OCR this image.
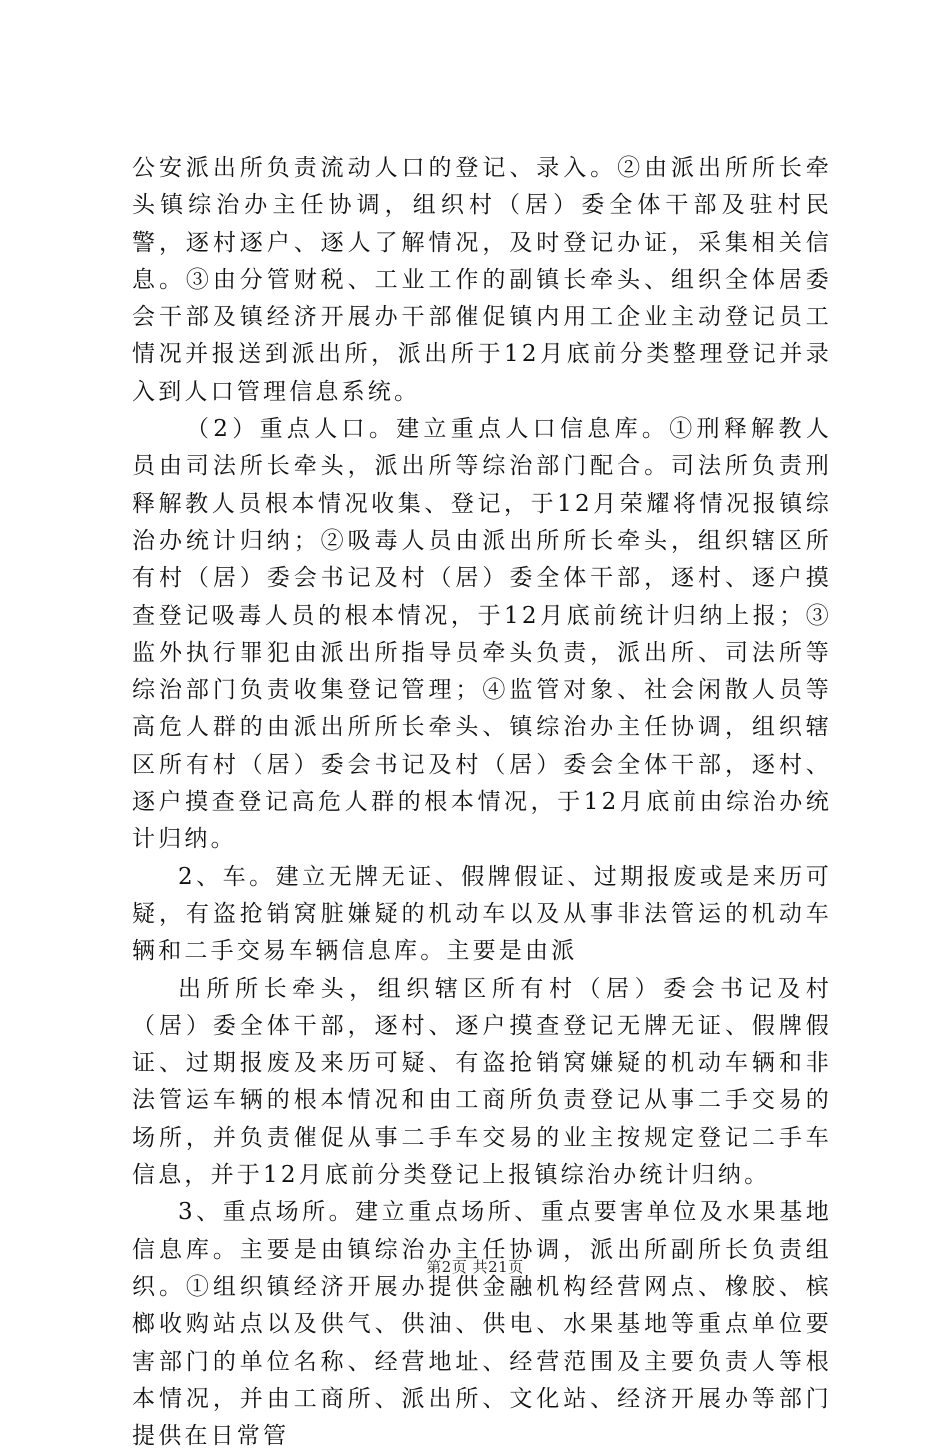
公安派出所负责流动人口的登记、录入。②由派出所所长牵头镇综治办主任协调，组织村（居）委全体干部及驻村民警，逐村逐户、逐人了解情况，及时登记办证，采集相关信息。③由分管财税、工业工作的副镇长牵头、组织全体居委会干部及镇经济开展办干部催促镇内用工企业主动登记员工情况并报送到派出所，派出所于12月底前分类整理登记并录入到人口管理信息系统。

（2）重点人口。建立重点人口信息库。①刑释解教人员由司法所长牵头，派出所等综治部门配合。司法所负责刑释解教人员根本情况收集、登记，于12月荣耀将情况报镇综治办统计归纳；②吸毒人员由派出所所长牵头，组织辖区所有村（居）委会书记及村（居）委全体干部，逐村、逐户摸查登记吸毒人员的根本情况，于12月底前统计归纳上报；③监外执行罪犯由派出所指导员牵头负责，派出所、司法所等综治部门负责收集登记管理；④监管对象、社会闲散人员等高危人群的由派出所所长牵头、镇综治办主任协调，组织辖区所有村（居）委会书记及村（居）委会全体干部，逐村、逐户摸查登记高危人群的根本情况，于12月底前由综治办统计归纳。

2、车。建立无牌无证、假牌假证、过期报废或是来历可疑，有盗抢销窝脏嫌疑的机动车以及从事非法管运的机动车辆和二手交易车辆信息库。主要是由派

出所所长牵头，组织辖区所有村（居）委会书记及村（居）委全体干部，逐村、逐户摸查登记无牌无证、假牌假证、过期报废及来历可疑、有盗抢销窝嫌疑的机动车辆和非法管运车辆的根本情况和由工商所负责登记从事二手交易的场所，并负责催促从事二手车交易的业主按规定登记二手车信息，并于12月底前分类登记上报镇综治办统计归纳。

3、重点场所。建立重点场所、重点要害单位及水果基地信息库。主要是由镇综治办主任协调，派出所副所长负责组织。①组织镇经济开展办提供金融机构经营网点、橡胶、槟榔收购站点以及供气、供油、供电、水果基地等重点单位要害部门的单位名称、经营地址、经营范围及主要负责人等根本情况，并由工商所、派出所、文化站、经济开展办等部门提供在日常管

第2页 共21页
